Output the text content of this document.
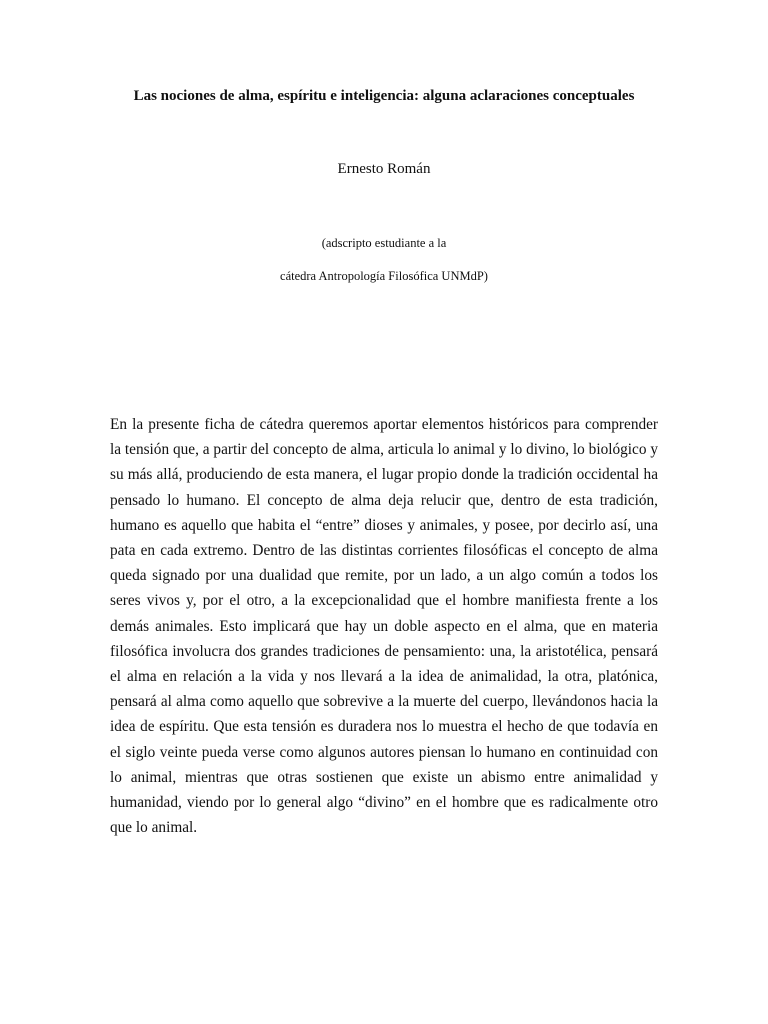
Las nociones de alma, espíritu e inteligencia: alguna aclaraciones conceptuales
Ernesto Román
(adscripto estudiante a la
cátedra Antropología Filosófica UNMdP)

En la presente ficha de cátedra queremos aportar elementos históricos para comprender la tensión que, a partir del concepto de alma, articula lo animal y lo divino, lo biológico y su más allá, produciendo de esta manera, el lugar propio donde la tradición occidental ha pensado lo humano. El concepto de alma deja relucir que, dentro de esta tradición, humano es aquello que habita el “entre” dioses y animales, y posee, por decirlo así, una pata en cada extremo. Dentro de las distintas corrientes filosóficas el concepto de alma queda signado por una dualidad que remite, por un lado, a un algo común a todos los seres vivos y, por el otro, a la excepcionalidad que el hombre manifiesta frente a los demás animales. Esto implicará que hay un doble aspecto en el alma, que en materia filosófica involucra dos grandes tradiciones de pensamiento: una, la aristotélica, pensará el alma en relación a la vida y nos llevará a la idea de animalidad, la otra, platónica, pensará al alma como aquello que sobrevive a la muerte del cuerpo, llevándonos hacia la idea de espíritu. Que esta tensión es duradera nos lo muestra el hecho de que todavía en el siglo veinte pueda verse como algunos autores piensan lo humano en continuidad con lo animal, mientras que otras sostienen que existe un abismo entre animalidad y humanidad, viendo por lo general algo “divino” en el hombre que es radicalmente otro que lo animal.
